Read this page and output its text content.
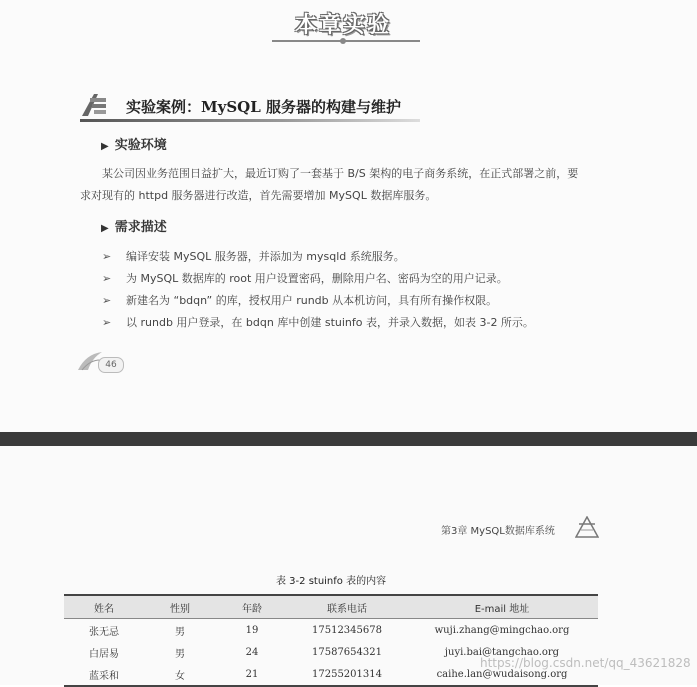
本章实验
实验案例：MySQL 服务器的构建与维护
▶ 实验环境
某公司因业务范围日益扩大，最近订购了一套基于 B/S 架构的电子商务系统，在正式部署之前，要
求对现有的 httpd 服务器进行改造，首先需要增加 MySQL 数据库服务。
▶ 需求描述
➢ 编译安装 MySQL 服务器，并添加为 mysqld 系统服务。
➢ 为 MySQL 数据库的 root 用户设置密码，删除用户名、密码为空的用户记录。
➢ 新建名为 “bdqn” 的库，授权用户 rundb 从本机访问，具有所有操作权限。
➢ 以 rundb 用户登录，在 bdqn 库中创建 stuinfo 表，并录入数据，如表 3-2 所示。
46
第3章 MySQL数据库系统
表 3-2 stuinfo 表的内容
姓名	性别	年龄	联系电话	E-mail 地址
张无忌	男	19	17512345678	wuji.zhang@mingchao.org
白居易	男	24	17587654321	juyi.bai@tangchao.org
蓝采和	女	21	17255201314	caihe.lan@wudaisong.org
https://blog.csdn.net/qq_43621828
